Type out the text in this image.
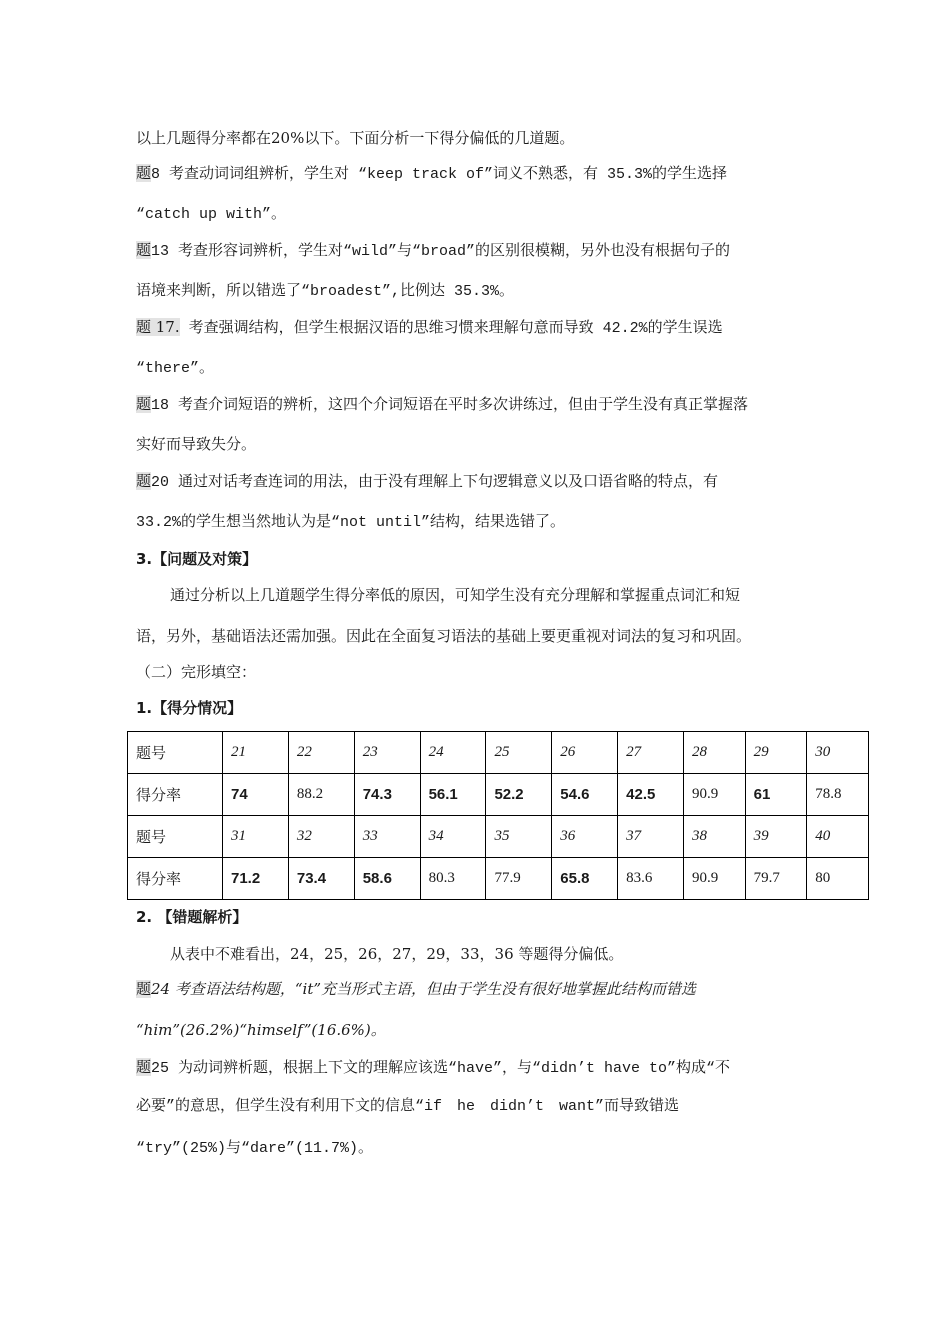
以上几题得分率都在20%以下。下面分析一下得分偏低的几道题。
题8 考查动词词组辨析，学生对 “keep track of”词义不熟悉，有 35.3%的学生选择
“catch up with”。
题13 考查形容词辨析，学生对“wild”与“broad”的区别很模糊，另外也没有根据句子的
语境来判断，所以错选了“broadest”,比例达 35.3%。
题 17. 考查强调结构，但学生根据汉语的思维习惯来理解句意而导致 42.2%的学生误选
“there”。
题18 考查介词短语的辨析，这四个介词短语在平时多次讲练过，但由于学生没有真正掌握落
实好而导致失分。
题20 通过对话考查连词的用法，由于没有理解上下句逻辑意义以及口语省略的特点，有
33.2%的学生想当然地认为是“not until”结构，结果选错了。
3.【问题及对策】
通过分析以上几道题学生得分率低的原因，可知学生没有充分理解和掌握重点词汇和短
语，另外，基础语法还需加强。因此在全面复习语法的基础上要更重视对词法的复习和巩固。
（二）完形填空：
1.【得分情况】
题号	21	22	23	24	25	26	27	28	29	30
得分率	74	88.2	74.3	56.1	52.2	54.6	42.5	90.9	61	78.8
题号	31	32	33	34	35	36	37	38	39	40
得分率	71.2	73.4	58.6	80.3	77.9	65.8	83.6	90.9	79.7	80
2. 【错题解析】
从表中不难看出，24，25，26，27，29，33，36 等题得分偏低。
题24 考查语法结构题，“it”充当形式主语，但由于学生没有很好地掌握此结构而错选
“him”(26.2%)“himself”(16.6%)。
题25 为动词辨析题，根据上下文的理解应该选“have”，与“didn’t have to”构成“不
必要”的意思，但学生没有利用下文的信息“if he didn’t want”而导致错选
“try”(25%)与“dare”(11.7%)。
